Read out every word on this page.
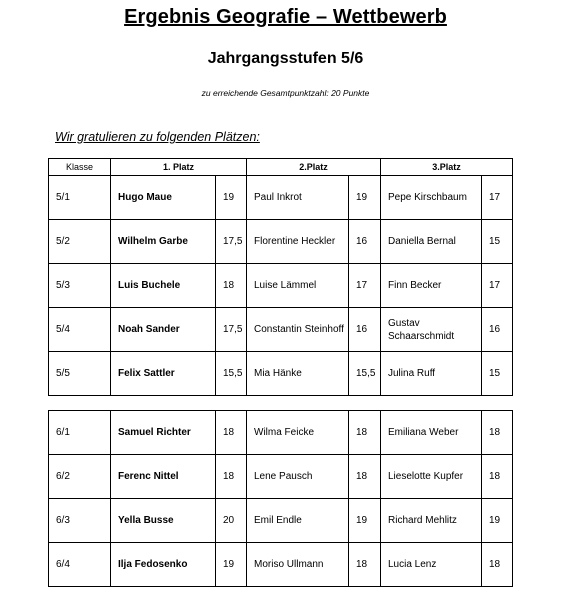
Ergebnis Geografie – Wettbewerb
Jahrgangsstufen 5/6
zu erreichende Gesamtpunktzahl: 20 Punkte
Wir gratulieren zu folgenden Plätzen:
Klasse	1. Platz		2.Platz		3.Platz	
5/1	Hugo Maue	19	Paul Inkrot	19	Pepe Kirschbaum	17
5/2	Wilhelm Garbe	17,5	Florentine Heckler	16	Daniella Bernal	15
5/3	Luis Buchele	18	Luise Lämmel	17	Finn Becker	17
5/4	Noah Sander	17,5	Constantin Steinhoff	16	Gustav Schaarschmidt	16
5/5	Felix Sattler	15,5	Mia Hänke	15,5	Julina Ruff	15
6/1	Samuel Richter	18	Wilma Feicke	18	Emiliana Weber	18
6/2	Ferenc Nittel	18	Lene Pausch	18	Lieselotte Kupfer	18
6/3	Yella Busse	20	Emil Endle	19	Richard Mehlitz	19
6/4	Ilja Fedosenko	19	Moriso Ullmann	18	Lucia Lenz	18
